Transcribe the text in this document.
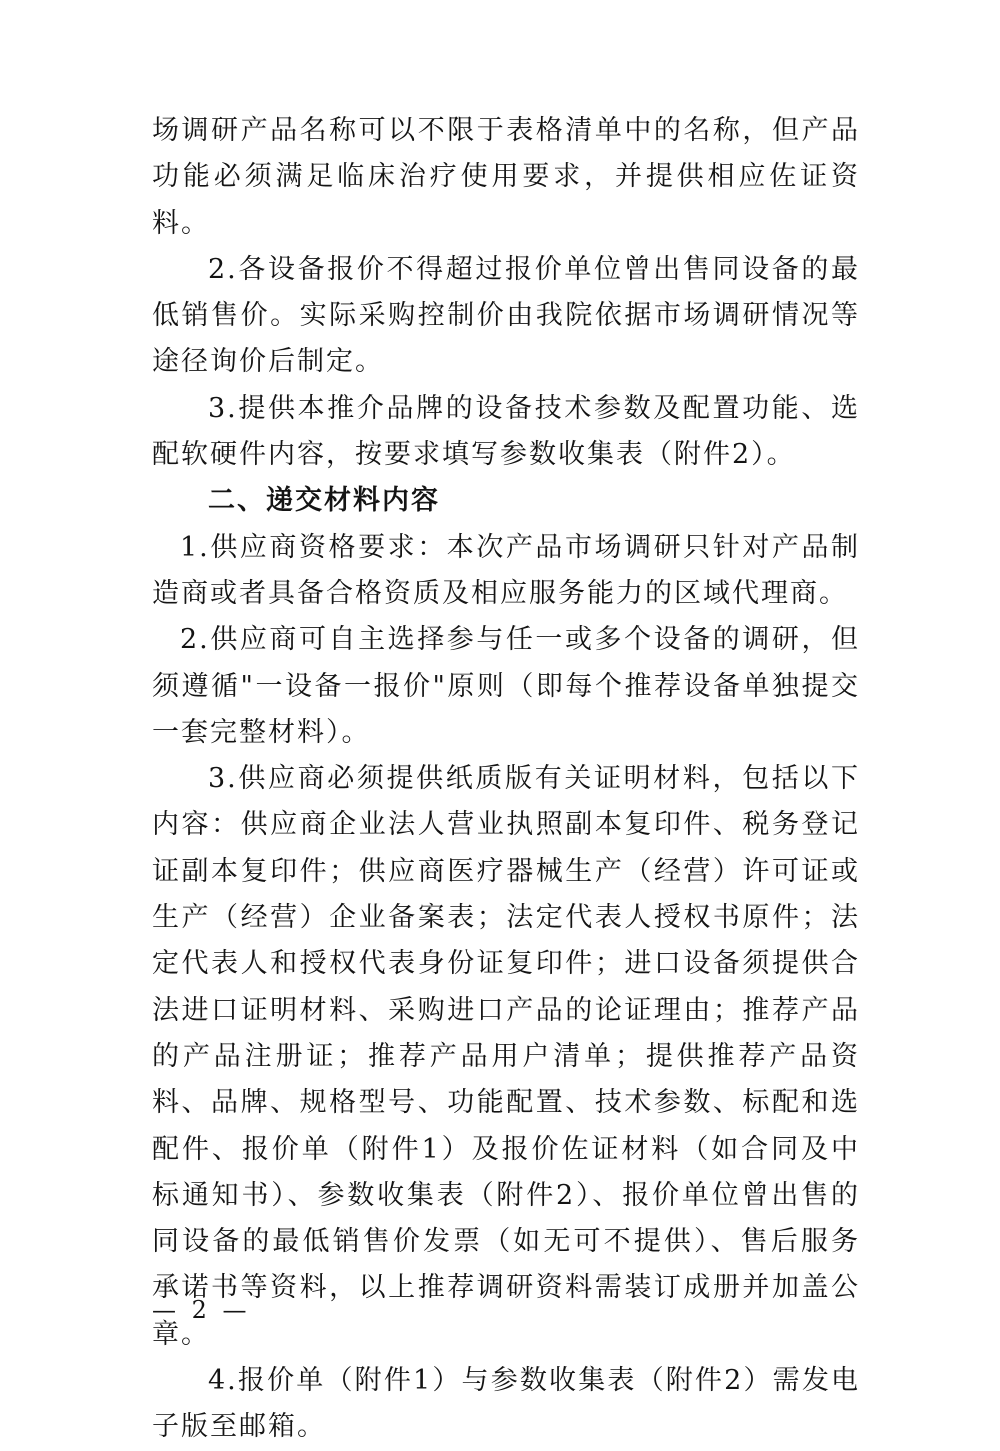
场调研产品名称可以不限于表格清单中的名称，但产品功能必须满足临床治疗使用要求，并提供相应佐证资料。

2.各设备报价不得超过报价单位曾出售同设备的最低销售价。实际采购控制价由我院依据市场调研情况等途径询价后制定。

3.提供本推介品牌的设备技术参数及配置功能、选配软硬件内容，按要求填写参数收集表（附件2）。

二、递交材料内容

1.供应商资格要求：本次产品市场调研只针对产品制造商或者具备合格资质及相应服务能力的区域代理商。

2.供应商可自主选择参与任一或多个设备的调研，但须遵循"一设备一报价"原则（即每个推荐设备单独提交一套完整材料）。

3.供应商必须提供纸质版有关证明材料，包括以下内容：供应商企业法人营业执照副本复印件、税务登记证副本复印件；供应商医疗器械生产（经营）许可证或生产（经营）企业备案表；法定代表人授权书原件；法定代表人和授权代表身份证复印件；进口设备须提供合法进口证明材料、采购进口产品的论证理由；推荐产品的产品注册证；推荐产品用户清单；提供推荐产品资料、品牌、规格型号、功能配置、技术参数、标配和选配件、报价单（附件1）及报价佐证材料（如合同及中标通知书）、参数收集表（附件2）、报价单位曾出售的同设备的最低销售价发票（如无可不提供）、售后服务承诺书等资料，以上推荐调研资料需装订成册并加盖公章。

4.报价单（附件1）与参数收集表（附件2）需发电子版至邮箱。

— 2 —
